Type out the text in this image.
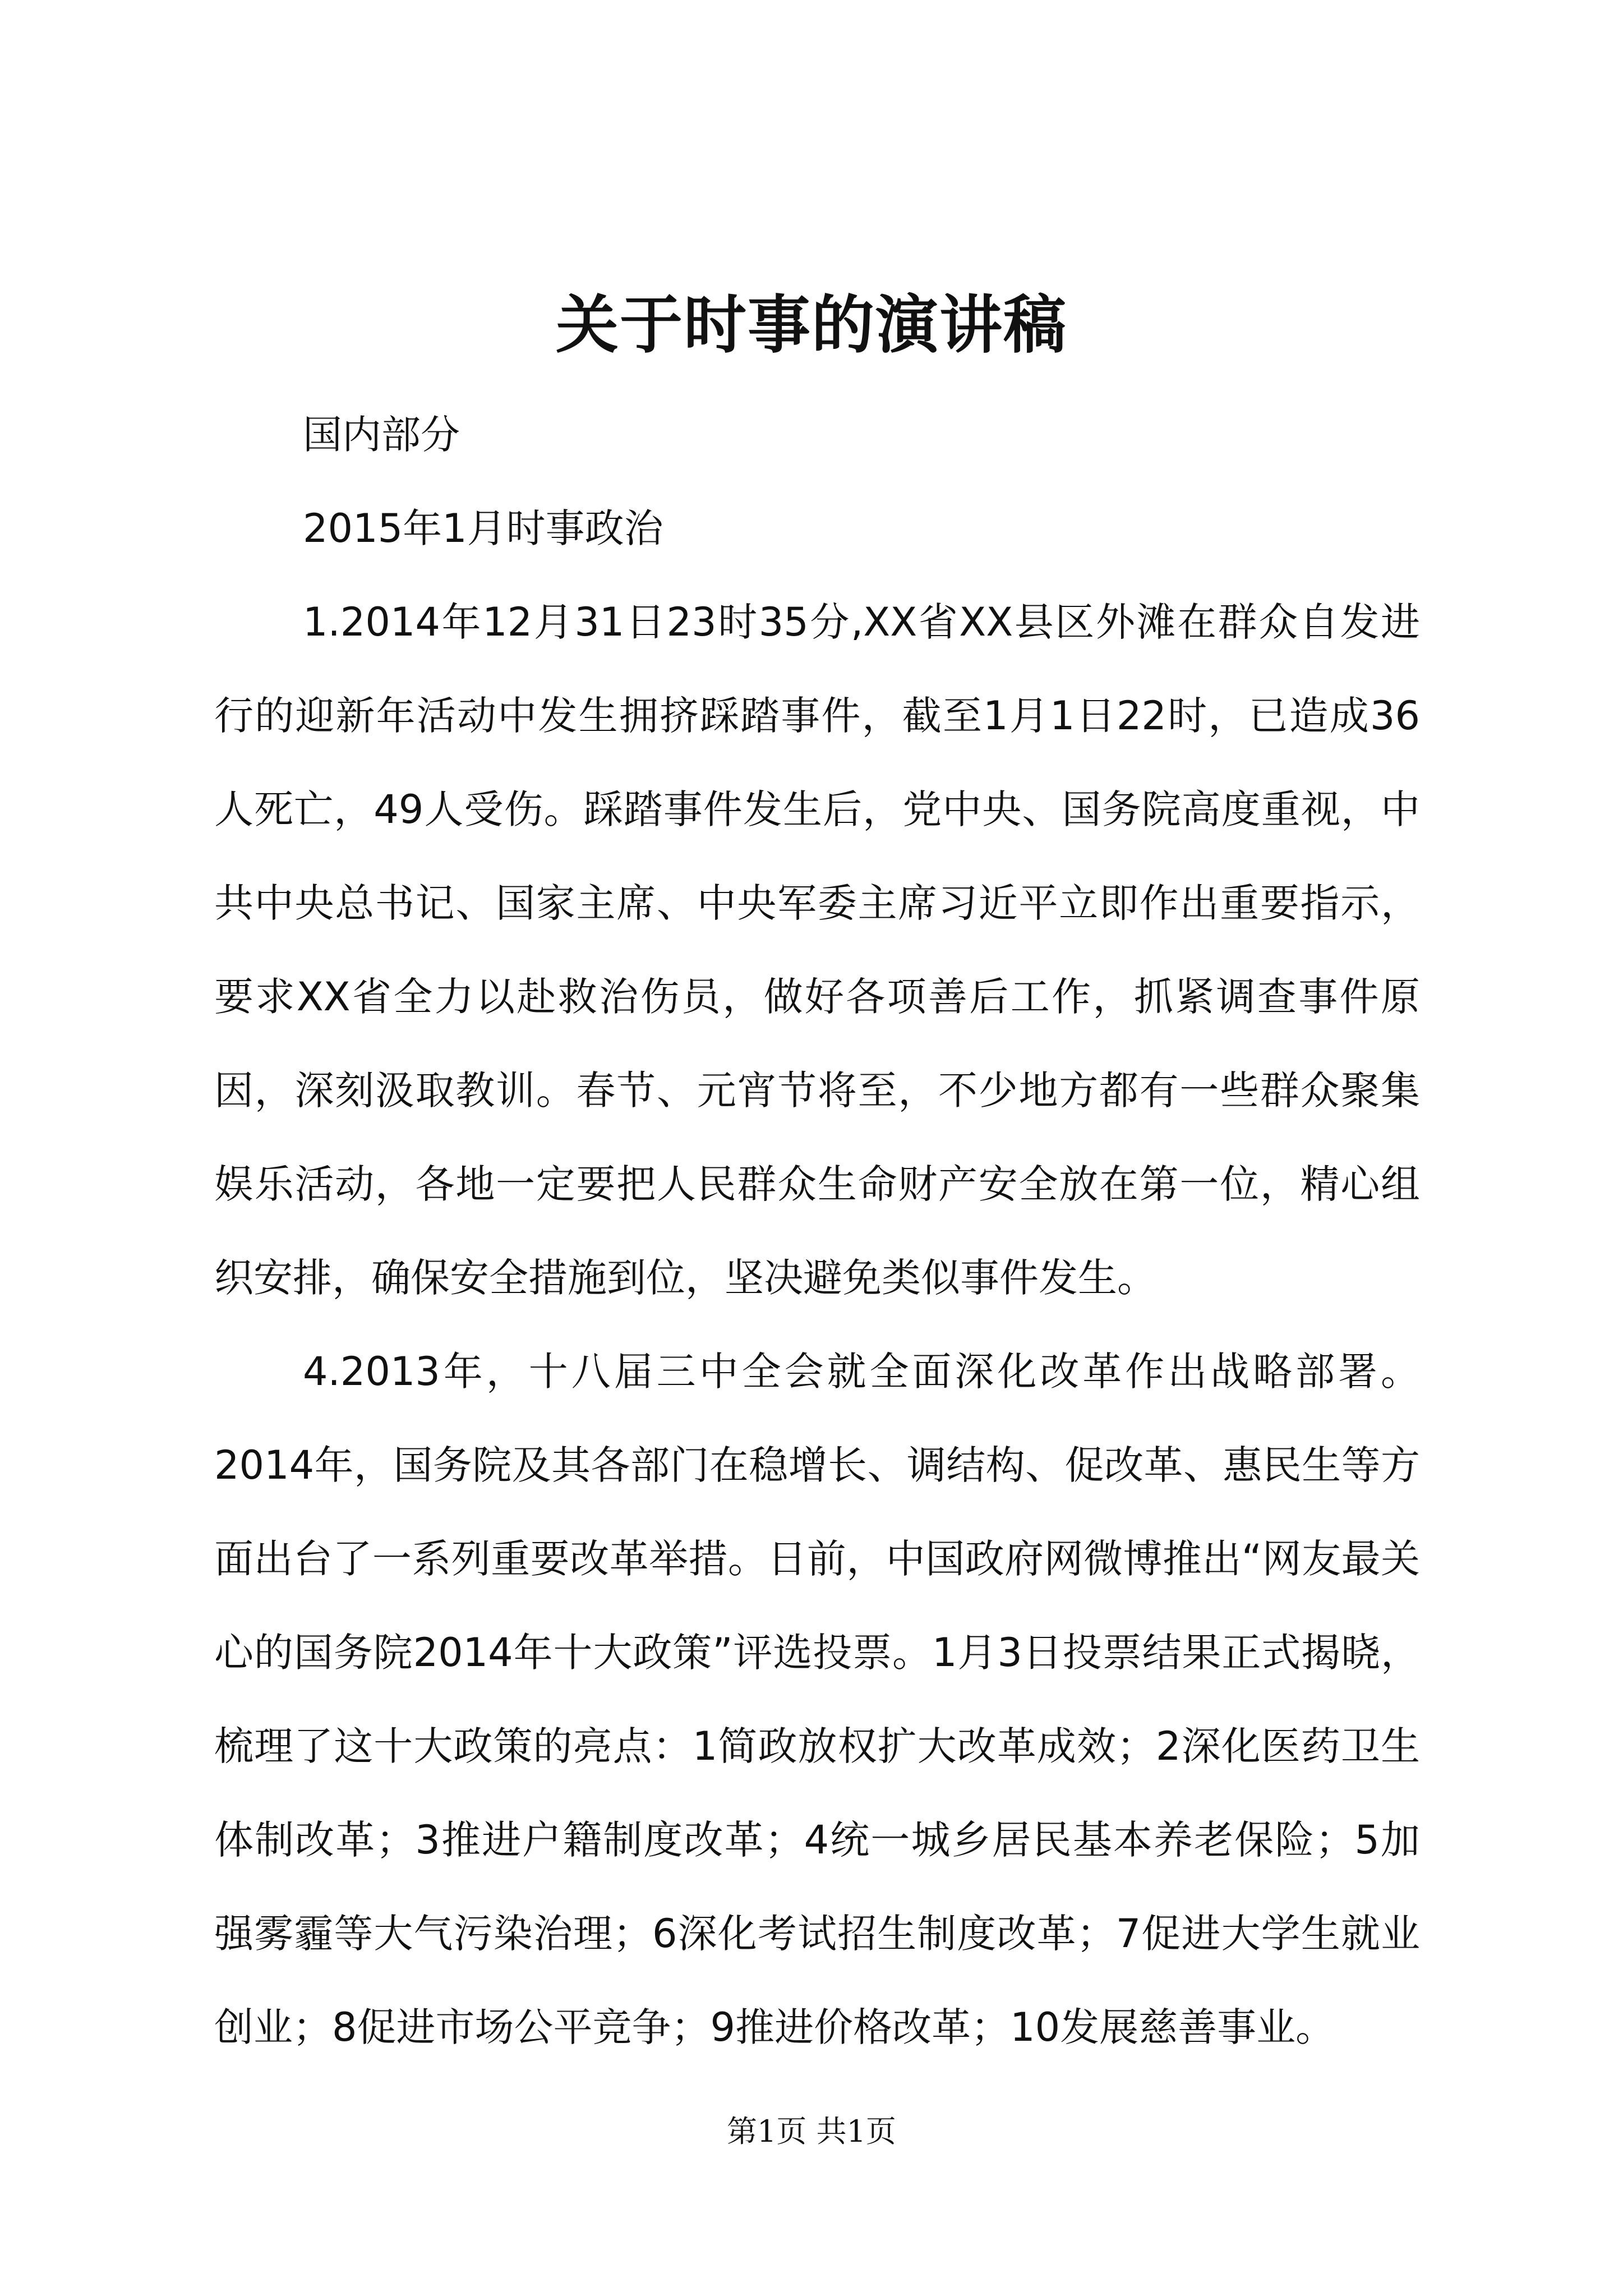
关于时事的演讲稿

国内部分

2015年1月时事政治

1.2014年12月31日23时35分,XX省XX县区外滩在群众自发进行的迎新年活动中发生拥挤踩踏事件，截至1月1日22时，已造成36人死亡，49人受伤。踩踏事件发生后，党中央、国务院高度重视，中共中央总书记、国家主席、中央军委主席习近平立即作出重要指示，要求XX省全力以赴救治伤员，做好各项善后工作，抓紧调查事件原因，深刻汲取教训。春节、元宵节将至，不少地方都有一些群众聚集娱乐活动，各地一定要把人民群众生命财产安全放在第一位，精心组织安排，确保安全措施到位，坚决避免类似事件发生。

4.2013年，十八届三中全会就全面深化改革作出战略部署。2014年，国务院及其各部门在稳增长、调结构、促改革、惠民生等方面出台了一系列重要改革举措。日前，中国政府网微博推出“网友最关心的国务院2014年十大政策”评选投票。1月3日投票结果正式揭晓，梳理了这十大政策的亮点：1简政放权扩大改革成效；2深化医药卫生体制改革；3推进户籍制度改革；4统一城乡居民基本养老保险；5加强雾霾等大气污染治理；6深化考试招生制度改革；7促进大学生就业创业；8促进市场公平竞争；9推进价格改革；10发展慈善事业。

第1页 共1页
